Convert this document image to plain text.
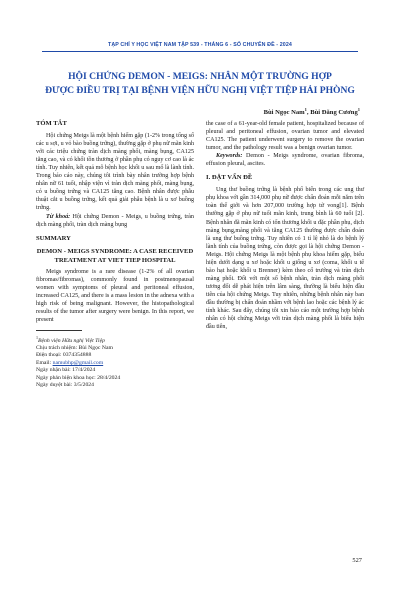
TẠP CHÍ Y HỌC VIỆT NAM TẬP 539 - THÁNG 6 - SỐ CHUYÊN ĐỀ - 2024
HỘI CHỨNG DEMON - MEIGS: NHÂN MỘT TRƯỜNG HỢP
ĐƯỢC ĐIỀU TRỊ TẠI BỆNH VIỆN HỮU NGHỊ VIỆT TIỆP HẢI PHÒNG
Bùi Ngọc Nam$^1$, Bùi Đăng Cương$^1$
TÓM TẮT

Hội chứng Meigs là một bệnh hiếm gặp (1-2% trong tổng số các u sợi, u vỏ bào buồng trứng), thường gặp ở phụ nữ mãn kinh với các triệu chứng tràn dịch màng phổi, màng bụng, CA125 tăng cao, và có khối tồn thương ở phần phụ có nguy cơ cao là ác tính. Tuy nhiên, kết quả mô bệnh học khối u sau mổ là lành tính. Trong báo cáo này, chúng tôi trình bày nhân trường hợp bệnh nhân nữ 61 tuổi, nhập viện vì tràn dịch màng phổi, màng bụng, có u buồng trứng và CA125 tăng cao. Bệnh nhân được phẫu thuật cắt u buồng trứng, kết quả giải phẫu bệnh là u xơ buồng trứng.

Từ khoá: Hội chứng Demon - Meigs, u buồng trứng, tràn dịch màng phổi, tràn dịch màng bụng

SUMMARY
DEMON - MEIGS SYNDROME: A CASE RECEIVED TREATMENT AT VIET TIEP HOSPITAL

Meigs syndrome is a rare disease (1-2% of all ovarian fibromas/fibromas), commonly found in postmenopausal women with symptoms of pleural and peritoneal effusion, increased CA125, and there is a mass lesion in the adnexa with a high risk of being malignant. However, the histopathological results of the tumor after surgery were benign. In this report, we present

$^1$Bệnh viện Hữu nghị Việt Tiệp
Chịu trách nhiệm: Bùi Ngọc Nam
Điện thoại: 0374354888
Email: namubhp@gmail.com
Ngày nhận bài: 17/4/2024
Ngày phản biện khoa học: 28/4/2024
Ngày duyệt bài: 3/5/2024

the case of a 61-year-old female patient, hospitalized because of pleural and peritoneal effusion, ovarian tumor and elevated CA125. The patient underwent surgery to remove the ovarian tumor, and the pathology result was a benign ovarian tumor.

Keywords: Demon - Meigs syndrome, ovarian fibroma, effusion pleural, ascites.

I. ĐẶT VẤN ĐỀ

Ung thư buồng trứng là bệnh phổ biến trong các ung thư phụ khoa với gần 314,000 phụ nữ được chẩn đoán mỗi năm trên toàn thế giới và hơn 207,000 trường hợp tử vong[1]. Bệnh thường gặp ở phụ nữ tuổi mãn kinh, trung bình là 60 tuổi [2]. Bệnh nhân đã mãn kinh có tổn thương khối u đặc phần phụ, dịch màng bụng,màng phổi và tăng CA125 thường được chẩn đoán là ung thư buồng trứng. Tuy nhiên có 1 tỉ lệ nhỏ là do bệnh lý lành tính của buồng trứng, còn được gọi là hội chứng Demon - Meigs. Hội chứng Meigs là một bệnh phụ khoa hiếm gặp, biểu hiện dưới dạng u xơ hoặc khối u giống u xơ (coma, khối u tế bào hạt hoặc khối u Brenner) kèm theo cổ trướng và tràn dịch màng phổi. Đối với một số bệnh nhân, tràn dịch màng phổi tương đối dễ phát hiện trên lâm sàng, thường là biểu hiện đầu tiên của hội chứng Meigs. Tuy nhiên, những bệnh nhân này ban đầu thường bị chẩn đoán nhầm với bệnh lao hoặc các bệnh lý ác tính khác. Sau đây, chúng tôi xin báo cáo một trường hợp bệnh nhân có hội chứng Meigs với tràn dịch màng phổi là biểu hiện đầu tiên,

527
